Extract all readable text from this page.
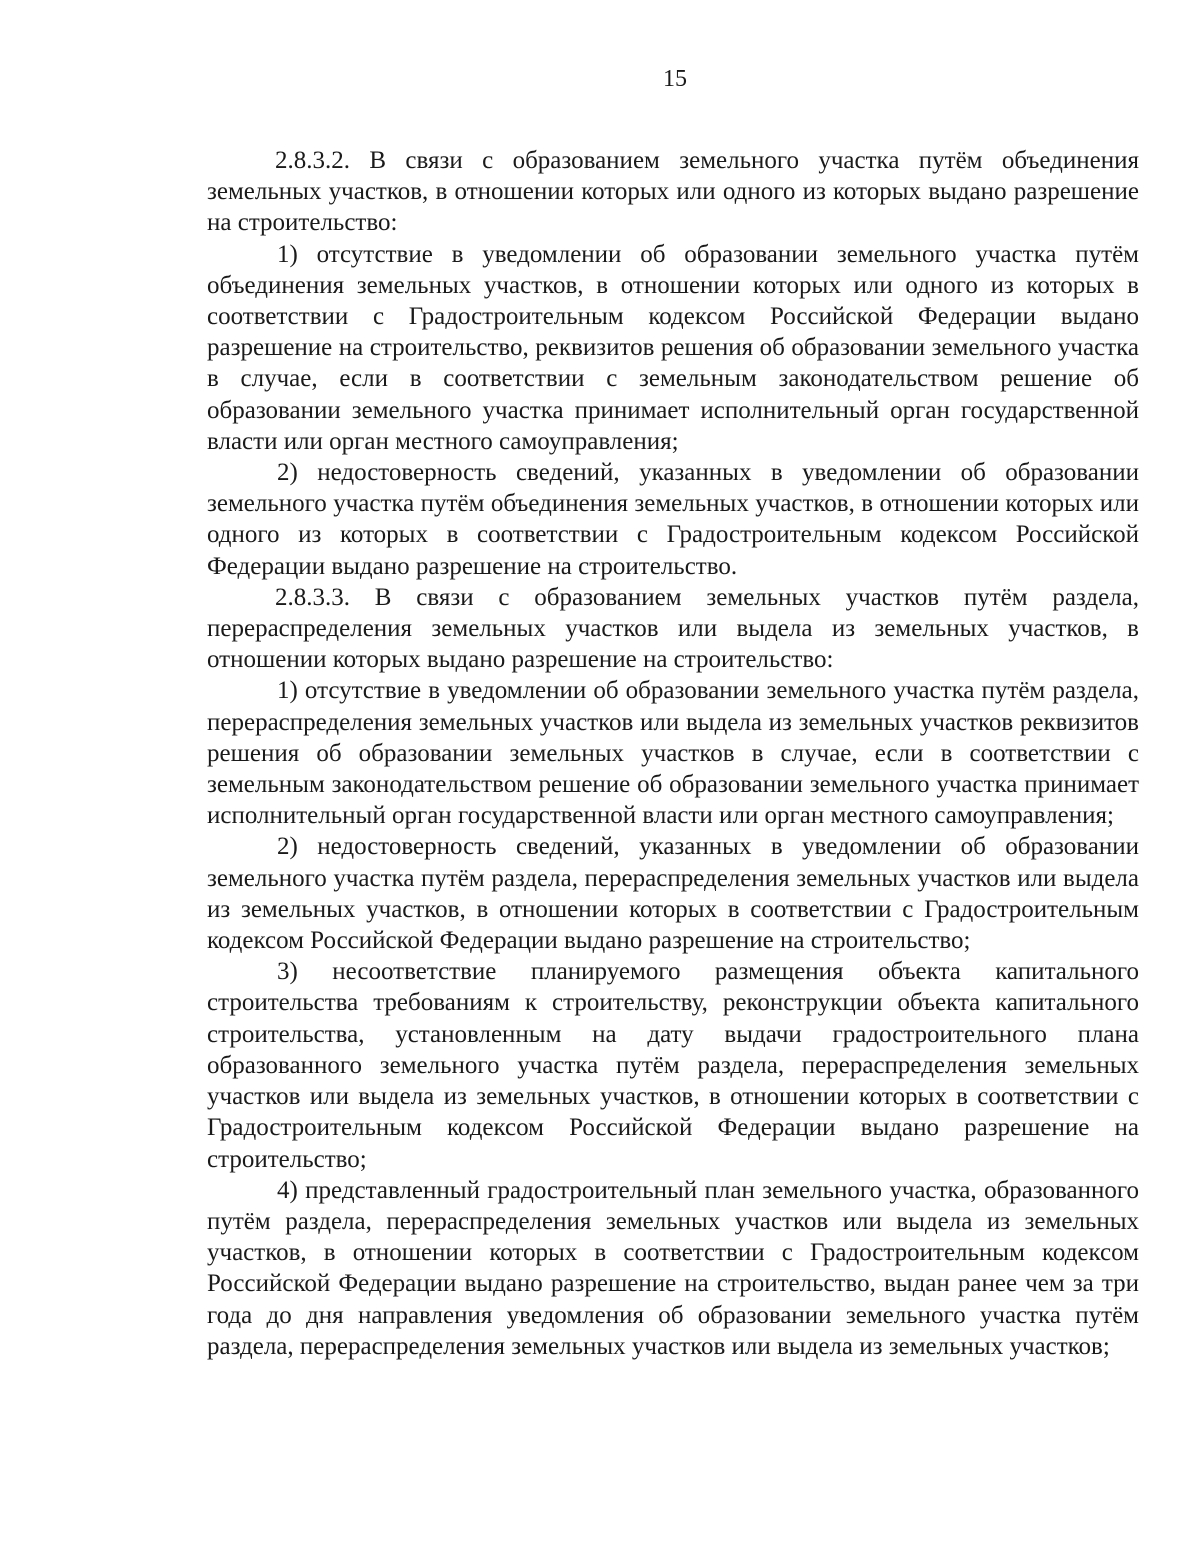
15

2.8.3.2. В связи с образованием земельного участка путём объединения земельных участков, в отношении которых или одного из которых выдано разрешение на строительство:

1) отсутствие в уведомлении об образовании земельного участка путём объединения земельных участков, в отношении которых или одного из которых в соответствии с Градостроительным кодексом Российской Федерации выдано разрешение на строительство, реквизитов решения об образовании земельного участка в случае, если в соответствии с земельным законодательством решение об образовании земельного участка принимает исполнительный орган государственной власти или орган местного самоуправления;

2) недостоверность сведений, указанных в уведомлении об образовании земельного участка путём объединения земельных участков, в отношении которых или одного из которых в соответствии с Градостроительным кодексом Российской Федерации выдано разрешение на строительство.

2.8.3.3. В связи с образованием земельных участков путём раздела, перераспределения земельных участков или выдела из земельных участков, в отношении которых выдано разрешение на строительство:

1) отсутствие в уведомлении об образовании земельного участка путём раздела, перераспределения земельных участков или выдела из земельных участков реквизитов решения об образовании земельных участков в случае, если в соответствии с земельным законодательством решение об образовании земельного участка принимает исполнительный орган государственной власти или орган местного самоуправления;

2) недостоверность сведений, указанных в уведомлении об образовании земельного участка путём раздела, перераспределения земельных участков или выдела из земельных участков, в отношении которых в соответствии с Градостроительным кодексом Российской Федерации выдано разрешение на строительство;

3) несоответствие планируемого размещения объекта капитального строительства требованиям к строительству, реконструкции объекта капитального строительства, установленным на дату выдачи градостроительного плана образованного земельного участка путём раздела, перераспределения земельных участков или выдела из земельных участков, в отношении которых в соответствии с Градостроительным кодексом Российской Федерации выдано разрешение на строительство;

4) представленный градостроительный план земельного участка, образованного путём раздела, перераспределения земельных участков или выдела из земельных участков, в отношении которых в соответствии с Градостроительным кодексом Российской Федерации выдано разрешение на строительство, выдан ранее чем за три года до дня направления уведомления об образовании земельного участка путём раздела, перераспределения земельных участков или выдела из земельных участков;
